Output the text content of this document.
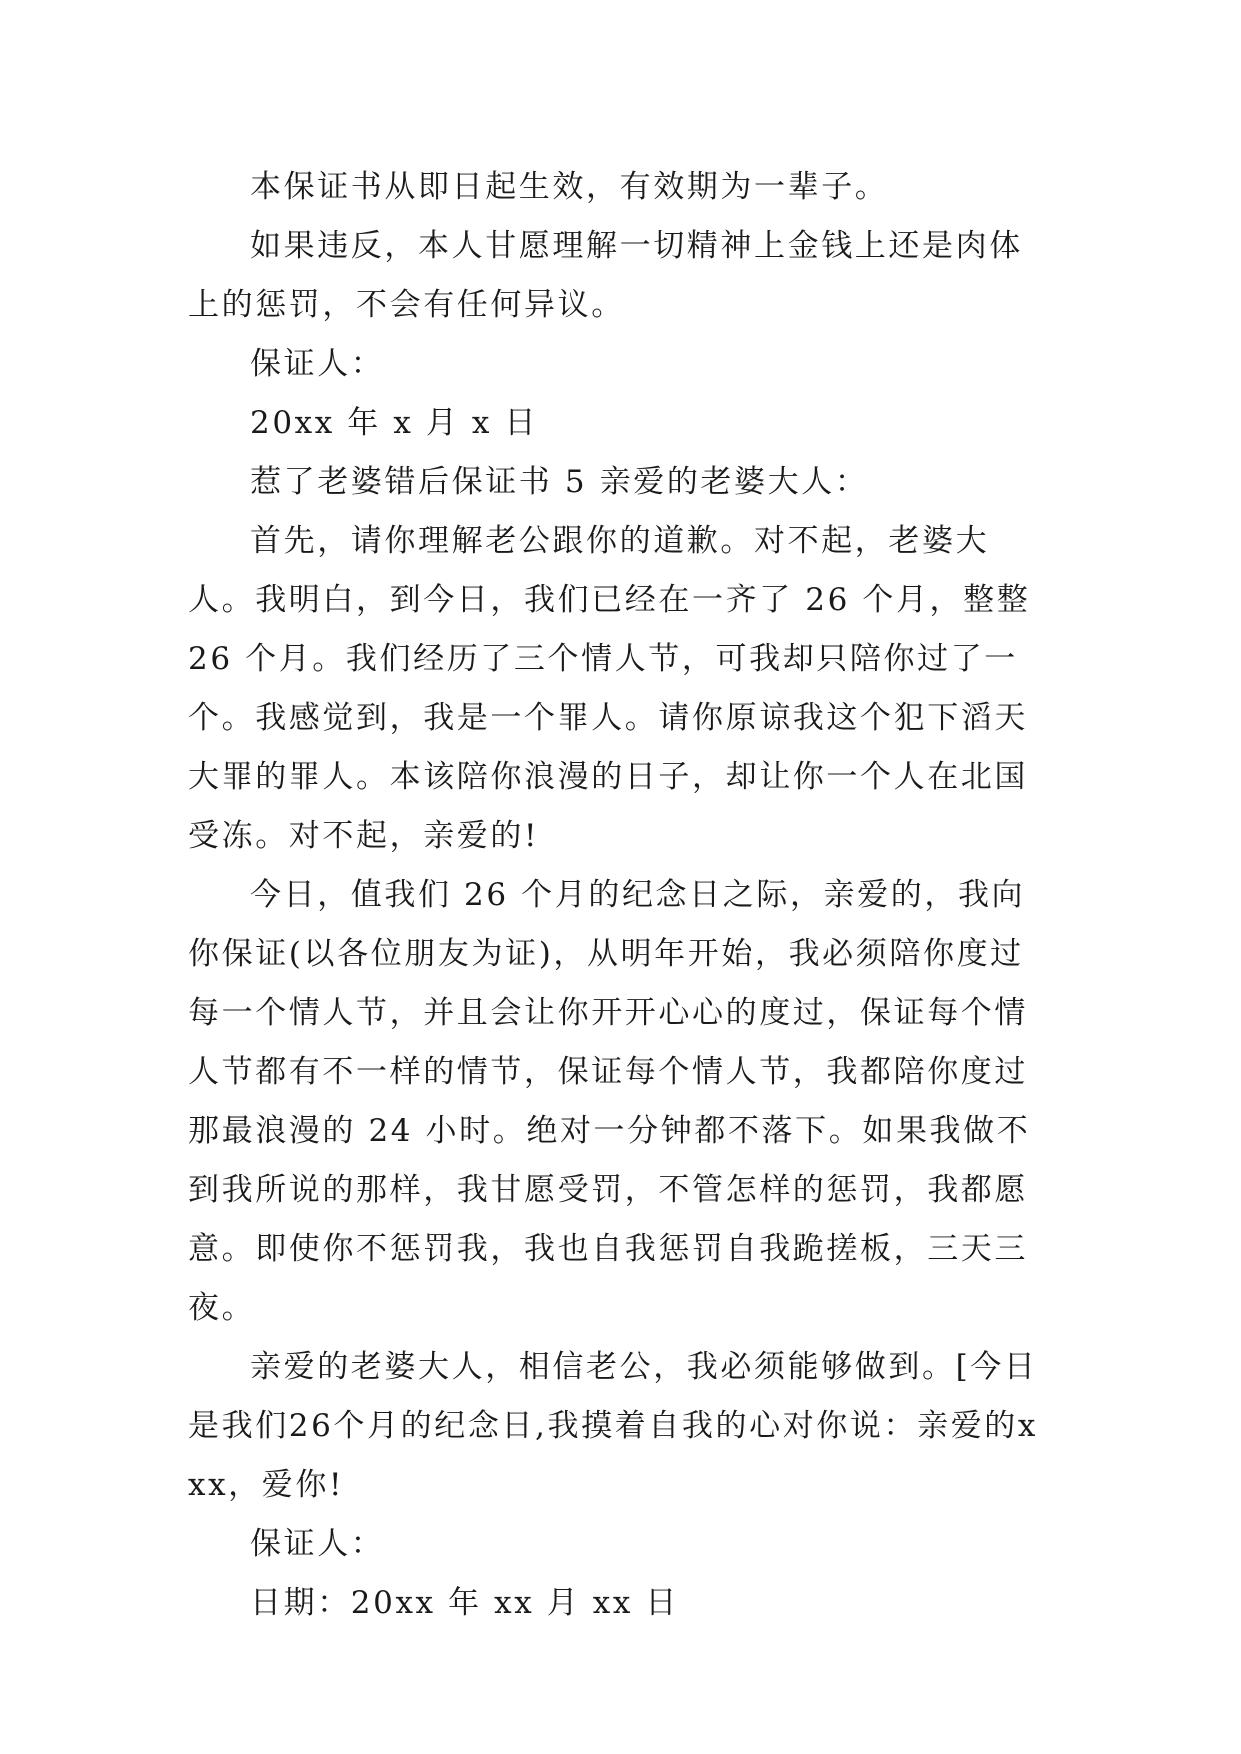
本保证书从即日起生效，有效期为一辈子。

如果违反，本人甘愿理解一切精神上金钱上还是肉体上的惩罚，不会有任何异议。

保证人：

20xx 年 x 月 x 日

惹了老婆错后保证书 5 亲爱的老婆大人：

首先，请你理解老公跟你的道歉。对不起，老婆大人。我明白，到今日，我们已经在一齐了 26 个月，整整 26 个月。我们经历了三个情人节，可我却只陪你过了一个。我感觉到，我是一个罪人。请你原谅我这个犯下滔天大罪的罪人。本该陪你浪漫的日子，却让你一个人在北国受冻。对不起，亲爱的!

今日，值我们 26 个月的纪念日之际，亲爱的，我向你保证(以各位朋友为证)，从明年开始，我必须陪你度过每一个情人节，并且会让你开开心心的度过，保证每个情人节都有不一样的情节，保证每个情人节，我都陪你度过那最浪漫的 24 小时。绝对一分钟都不落下。如果我做不到我所说的那样，我甘愿受罚，不管怎样的惩罚，我都愿意。即使你不惩罚我，我也自我惩罚自我跪搓板，三天三夜。

亲爱的老婆大人，相信老公，我必须能够做到。[今日是我们26个月的纪念日,我摸着自我的心对你说：亲爱的xxx，爱你!

保证人：

日期：20xx 年 xx 月 xx 日
